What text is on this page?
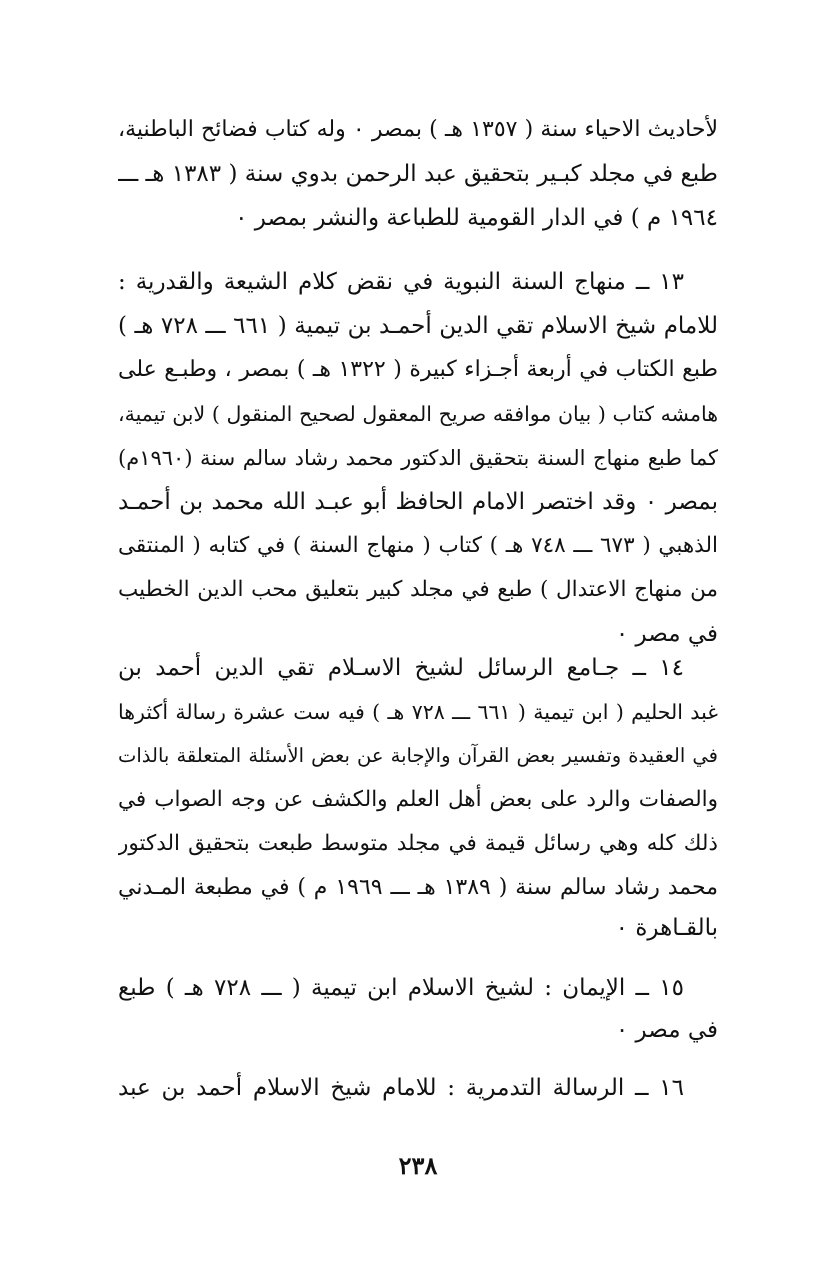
لأحاديث الاحياء سنة ( ١٣٥٧ هـ ) بمصر ٠ وله كتاب فضائح الباطنية،
طبع في مجلد كبـير بتحقيق عبد الرحمن بدوي سنة ( ١٣٨٣ هـ ـــ
١٩٦٤ م ) في الدار القومية للطباعة والنشر بمصر ٠
١٣ ــ منهاج السنة النبوية في نقض كلام الشيعة والقدرية :
للامام شيخ الاسلام تقي الدين أحمـد بن تيمية ( ٦٦١ ـــ ٧٢٨ هـ )
طبع الكتاب في أربعة أجـزاء كبيرة ( ١٣٢٢ هـ ) بمصر ، وطبـع على
هامشه كتاب ( بيان موافقه صريح المعقول لصحيح المنقول ) لابن تيمية،
كما طبع منهاج السنة بتحقيق الدكتور محمد رشاد سالم سنة (١٩٦٠م)
بمصر ٠ وقد اختصر الامام الحافظ أبو عبـد الله محمد بن أحمـد
الذهبي ( ٦٧٣ ـــ ٧٤٨ هـ ) كتاب ( منهاج السنة ) في كتابه ( المنتقى
من منهاج الاعتدال ) طبع في مجلد كبير بتعليق محب الدين الخطيب
في مصر ٠
١٤ ــ جـامع الرسائل لشيخ الاسـلام تقي الدين أحمد بن
غبد الحليم ( ابن تيمية ( ٦٦١ ـــ ٧٢٨ هـ ) فيه ست عشرة رسالة أكثرها
في العقيدة وتفسير بعض القرآن والإجابة عن بعض الأسئلة المتعلقة بالذات
والصفات والرد على بعض أهل العلم والكشف عن وجه الصواب في
ذلك كله وهي رسائل قيمة في مجلد متوسط طبعت بتحقيق الدكتور
محمد رشاد سالم سنة ( ١٣٨٩ هـ ـــ ١٩٦٩ م ) في مطبعة المـدني
بالقـاهرة ٠
١٥ ــ الإيمان : لشيخ الاسلام ابن تيمية ( ـــ ٧٢٨ هـ ) طبع
في مصر ٠
١٦ ــ الرسالة التدمرية : للامام شيخ الاسلام أحمد بن عبد
٢٣٨
